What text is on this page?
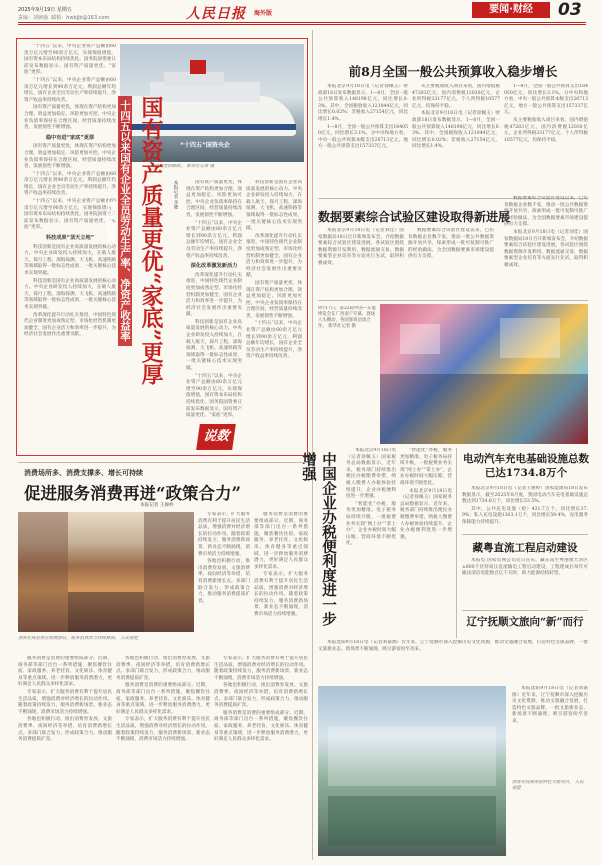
2025年9月19日 星期五
责编：刘婉瑜 邮箱：hwbjjb@163.com	人民日报 海外版	要闻·财经	03

“十四五”以来，中央企业资产总额由60余万亿元增至90余万亿元，实现保值增值，国有资本布局结构持续优化。国务院国资委日前发布数据显示，国有资产质量更优、“家底”更厚。

“十四五”以来，中央企业资产总额由60余万亿元增长到90余万亿元，利润总额年均增长，国有企业全员劳动生产率持续提升，净资产收益率持续改善。

国有资产质量更优，体现在资产结构更加合理、效益更加稳定、风险更加可控。中央企业负债率保持在合理区间，经营质量持续改善，发展韧性不断增强。

稳中有进“家底”更厚

国有资产质量更优，体现在资产结构更加合理、效益更加稳定、风险更加可控。中央企业负债率保持在合理区间，经营质量持续改善，发展韧性不断增强。

“十四五”以来，中央企业资产总额由60余万亿元增长到90余万亿元，利润总额年均增长，国有企业全员劳动生产率持续提升，净资产收益率持续改善。

“十四五”以来，中央企业资产总额由60余万亿元增至90余万亿元，实现保值增值，国有资本布局结构持续优化。国务院国资委日前发布数据显示，国有资产质量更优、“家底”更厚。

科技成果“顶天立地”

科技创新是国有企业高质量发展的核心动力。中央企业研发投入持续加大，在载人航天、探月工程、深海探测、大飞机、高速铁路等领域取得一批标志性成果，一批关键核心技术实现突破。

科技创新是国有企业高质量发展的核心动力。中央企业研发投入持续加大，在载人航天、探月工程、深海探测、大飞机、高速铁路等领域取得一批标志性成果，一批关键核心技术实现突破。

改革深化提升行动扎实推进，中国特色现代企业制度更加成熟定型，市场化经营机制更加健全，国有企业活力和效率进一步提升，为经济社会发展作出重要贡献。

“十四五”国资央企
央企建造的邮轮。 新华社记者 摄
十四五以来国有企业全员劳动生产率、净资产收益率持续改善 国有资产质量更优“家底”更厚	本报记者 李婕

国有资产质量更优，体现在资产结构更加合理、效益更加稳定、风险更加可控。中央企业负债率保持在合理区间，经营质量持续改善，发展韧性不断增强。

“十四五”以来，中央企业资产总额由60余万亿元增长到90余万亿元，利润总额年均增长，国有企业全员劳动生产率持续提升，净资产收益率持续改善。

深化改革激发新活力

改革深化提升行动扎实推进，中国特色现代企业制度更加成熟定型，市场化经营机制更加健全，国有企业活力和效率进一步提升，为经济社会发展作出重要贡献。

科技创新是国有企业高质量发展的核心动力。中央企业研发投入持续加大，在载人航天、探月工程、深海探测、大飞机、高速铁路等领域取得一批标志性成果，一批关键核心技术实现突破。

“十四五”以来，中央企业资产总额由60余万亿元增至90余万亿元，实现保值增值，国有资本布局结构持续优化。国务院国资委日前发布数据显示，国有资产质量更优、“家底”更厚。

科技创新是国有企业高质量发展的核心动力。中央企业研发投入持续加大，在载人航天、探月工程、深海探测、大飞机、高速铁路等领域取得一批标志性成果，一批关键核心技术实现突破。

改革深化提升行动扎实推进，中国特色现代企业制度更加成熟定型，市场化经营机制更加健全，国有企业活力和效率进一步提升，为经济社会发展作出重要贡献。

国有资产质量更优，体现在资产结构更加合理、效益更加稳定、风险更加可控。中央企业负债率保持在合理区间，经营质量持续改善，发展韧性不断增强。

“十四五”以来，中央企业资产总额由60余万亿元增长到90余万亿元，利润总额年均增长，国有企业全员劳动生产率持续提升，净资产收益率持续改善。

说数
前8月全国一般公共预算收入稳步增长

本报北京9月18日电（记者徐佩玉）财政部18日发布数据显示，1—8月，全国一般公共预算收入148198亿元，同比增长0.3%。其中，全国税收收入121044亿元，同比增长0.02%；非税收入27154亿元，同比增长1.4%。

1—8月，全国一般公共预算支出184050亿元，同比增长3.1%。分中央和地方看，中央一般公共预算本级支出26713亿元，地方一般公共预算支出157337亿元。

从主要税收收入项目来看，国内增值税47283亿元，国内消费税12030亿元，企业所得税33177亿元，个人所得税10577亿元，均保持平稳。

本报北京9月18日电（记者徐佩玉）财政部18日发布数据显示，1—8月，全国一般公共预算收入148198亿元，同比增长0.3%。其中，全国税收收入121044亿元，同比增长0.02%；非税收入27154亿元，同比增长1.4%。

1—8月，全国一般公共预算支出184050亿元，同比增长3.1%。分中央和地方看，中央一般公共预算本级支出26713亿元，地方一般公共预算支出157337亿元。

从主要税收收入项目来看，国内增值税47283亿元，国内消费税12030亿元，企业所得税33177亿元，个人所得税10577亿元，均保持平稳。

数据要素综合试验区建设取得新进展

本报北京9月18日电（记者刘佳）国家数据局18日召开新闻发布会，介绍数据要素综合试验区建设进展。各试验区围绕数据资源开发利用、数据流通交易、数据要素型企业培育等方面先行先试，取得积极成效。

数据要素综合试验区建设以来，已培育数据企业数千家，推动一批公共数据资源开放共享，探索形成一批可复制可推广的经验做法，为全国数据要素市场建设提供有力支撑。

数据要素综合试验区建设以来，已培育数据企业数千家，推动一批公共数据资源开放共享，探索形成一批可复制可推广的经验做法，为全国数据要素市场建设提供有力支撑。

本报北京9月18日电（记者刘佳）国家数据局18日召开新闻发布会，介绍数据要素综合试验区建设进展。各试验区围绕数据资源开发利用、数据流通交易、数据要素型企业培育等方面先行先试，取得积极成效。

9月17日，第22届中国—东盟博览会在广西南宁开幕，现场人头攒动，各国客商洽谈合作。 新华社记者 摄
中国企业办税便利度进一步增强

本报北京9月18日电（记者徐佩玉）国家税务总局数据显示，近年来，税务部门持续推出便民办税缴费举措，纳税人缴费人办税体验持续提升，企业办税便利度进一步增强。

“智能化”办税，服务更加精准。电子税务局持续升级，一批税费业务实现“网上办”“掌上办”，企业办税时间大幅压缩，营商环境不断优化。

“智能化”办税，服务更加精准。电子税务局持续升级，一批税费业务实现“网上办”“掌上办”，企业办税时间大幅压缩，营商环境不断优化。

本报北京9月18日电（记者徐佩玉）国家税务总局数据显示，近年来，税务部门持续推出便民办税缴费举措，纳税人缴费人办税体验持续提升，企业办税便利度进一步增强。

电动汽车充电基础设施总数已达1734.8万个

本报北京9月18日电（记者王俊岭）国家能源局18日发布数据显示，截至2025年8月底，我国电动汽车充电基础设施总数达到1734.8万个，同比增长53.5%。

其中，公共充电设施（枪）431.7万个，同比增长37.9%；私人充电设施1303.1万个，同比增长59.4%，充电服务保障能力持续提升。

藏粤直流工程启动建设

本报电 国家电网公司近日宣布，藏东南至粤港澳大湾区±800千伏特高压直流输电工程启动建设，工程建成后每年可输送清洁电能数百亿千瓦时，助力能源结构转型。

辽宁抚顺文旅向“新”而行

本报沈阳9月18日电（记者刘嘉源）近年来，辽宁抚顺市深入挖掘历史文化资源，推动文旅融合发展，打造特色文旅品牌，一批文旅新业态、新场景不断涌现，吸引游客纷至沓来。

游客在抚顺体验特色文旅项目。 人民视觉

本报沈阳9月18日电（记者刘嘉源）近年来，辽宁抚顺市深入挖掘历史文化资源，推动文旅融合发展，打造特色文旅品牌，一批文旅新业态、新场景不断涌现，吸引游客纷至沓来。

消费场所多、消费支撑多、增长可持续
促进服务消费再迸“政策合力”
本报记者 王俊岭
游客在商业街区购物游玩，服务消费活力持续释放。 人民视觉

专家表示，扩大服务消费有利于提升居民生活品质，增强消费对经济增长的拉动作用。随着政策持续发力，服务消费新场景、新业态不断涌现，消费市场活力持续增强。

各地也积极行动，推出消费券发放、文旅消费季、夜间经济等举措，培育消费新增长点。多部门联合发力，形成政策合力，推动服务消费提质扩容。

服务消费是消费的重要组成部分。近期，商务部等部门出台一系列措施，聚焦餐饮住宿、家政服务、养老托育、文化娱乐、体育健身等重点领域，进一步释放服务消费潜力，更好满足人民群众多样化需求。

专家表示，扩大服务消费有利于提升居民生活品质，增强消费对经济增长的拉动作用。随着政策持续发力，服务消费新场景、新业态不断涌现，消费市场活力持续增强。

服务消费是消费的重要组成部分。近期，商务部等部门出台一系列措施，聚焦餐饮住宿、家政服务、养老托育、文化娱乐、体育健身等重点领域，进一步释放服务消费潜力，更好满足人民群众多样化需求。

专家表示，扩大服务消费有利于提升居民生活品质，增强消费对经济增长的拉动作用。随着政策持续发力，服务消费新场景、新业态不断涌现，消费市场活力持续增强。

各地也积极行动，推出消费券发放、文旅消费季、夜间经济等举措，培育消费新增长点。多部门联合发力，形成政策合力，推动服务消费提质扩容。

各地也积极行动，推出消费券发放、文旅消费季、夜间经济等举措，培育消费新增长点。多部门联合发力，形成政策合力，推动服务消费提质扩容。

服务消费是消费的重要组成部分。近期，商务部等部门出台一系列措施，聚焦餐饮住宿、家政服务、养老托育、文化娱乐、体育健身等重点领域，进一步释放服务消费潜力，更好满足人民群众多样化需求。

专家表示，扩大服务消费有利于提升居民生活品质，增强消费对经济增长的拉动作用。随着政策持续发力，服务消费新场景、新业态不断涌现，消费市场活力持续增强。

专家表示，扩大服务消费有利于提升居民生活品质，增强消费对经济增长的拉动作用。随着政策持续发力，服务消费新场景、新业态不断涌现，消费市场活力持续增强。

各地也积极行动，推出消费券发放、文旅消费季、夜间经济等举措，培育消费新增长点。多部门联合发力，形成政策合力，推动服务消费提质扩容。

服务消费是消费的重要组成部分。近期，商务部等部门出台一系列措施，聚焦餐饮住宿、家政服务、养老托育、文化娱乐、体育健身等重点领域，进一步释放服务消费潜力，更好满足人民群众多样化需求。
